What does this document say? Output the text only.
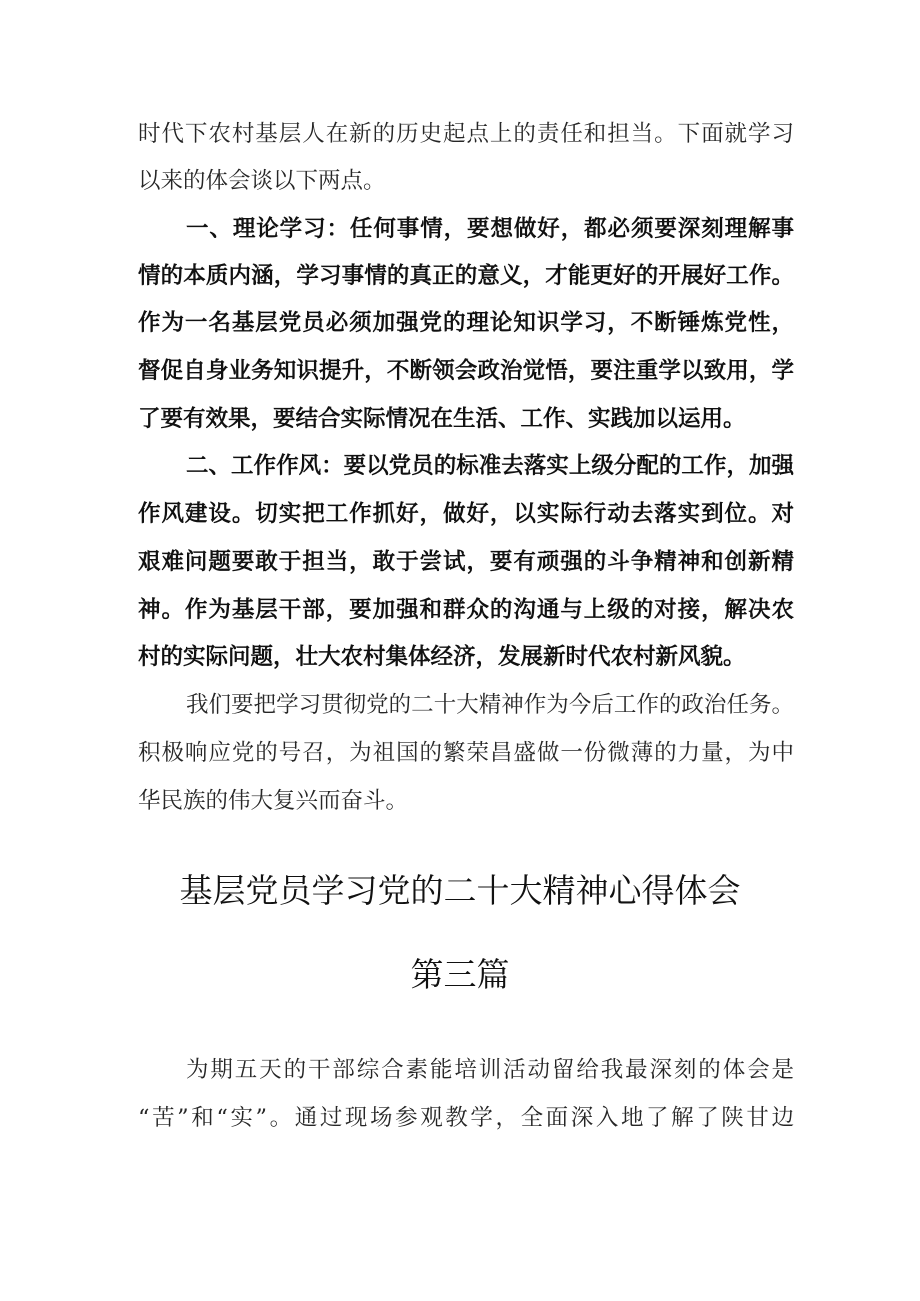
时代下农村基层人在新的历史起点上的责任和担当。下面就学习
以来的体会谈以下两点。
一、理论学习：任何事情，要想做好，都必须要深刻理解事
情的本质内涵，学习事情的真正的意义，才能更好的开展好工作。
作为一名基层党员必须加强党的理论知识学习，不断锤炼党性，
督促自身业务知识提升，不断领会政治觉悟，要注重学以致用，学
了要有效果，要结合实际情况在生活、工作、实践加以运用。
二、工作作风：要以党员的标准去落实上级分配的工作，加强
作风建设。切实把工作抓好，做好，以实际行动去落实到位。对
艰难问题要敢于担当，敢于尝试，要有顽强的斗争精神和创新精
神。作为基层干部，要加强和群众的沟通与上级的对接，解决农
村的实际问题，壮大农村集体经济，发展新时代农村新风貌。
我们要把学习贯彻党的二十大精神作为今后工作的政治任务。
积极响应党的号召，为祖国的繁荣昌盛做一份微薄的力量，为中
华民族的伟大复兴而奋斗。
基层党员学习党的二十大精神心得体会
第三篇
为期五天的干部综合素能培训活动留给我最深刻的体会是
“苦”和“实”。通过现场参观教学，全面深入地了解了陕甘边
